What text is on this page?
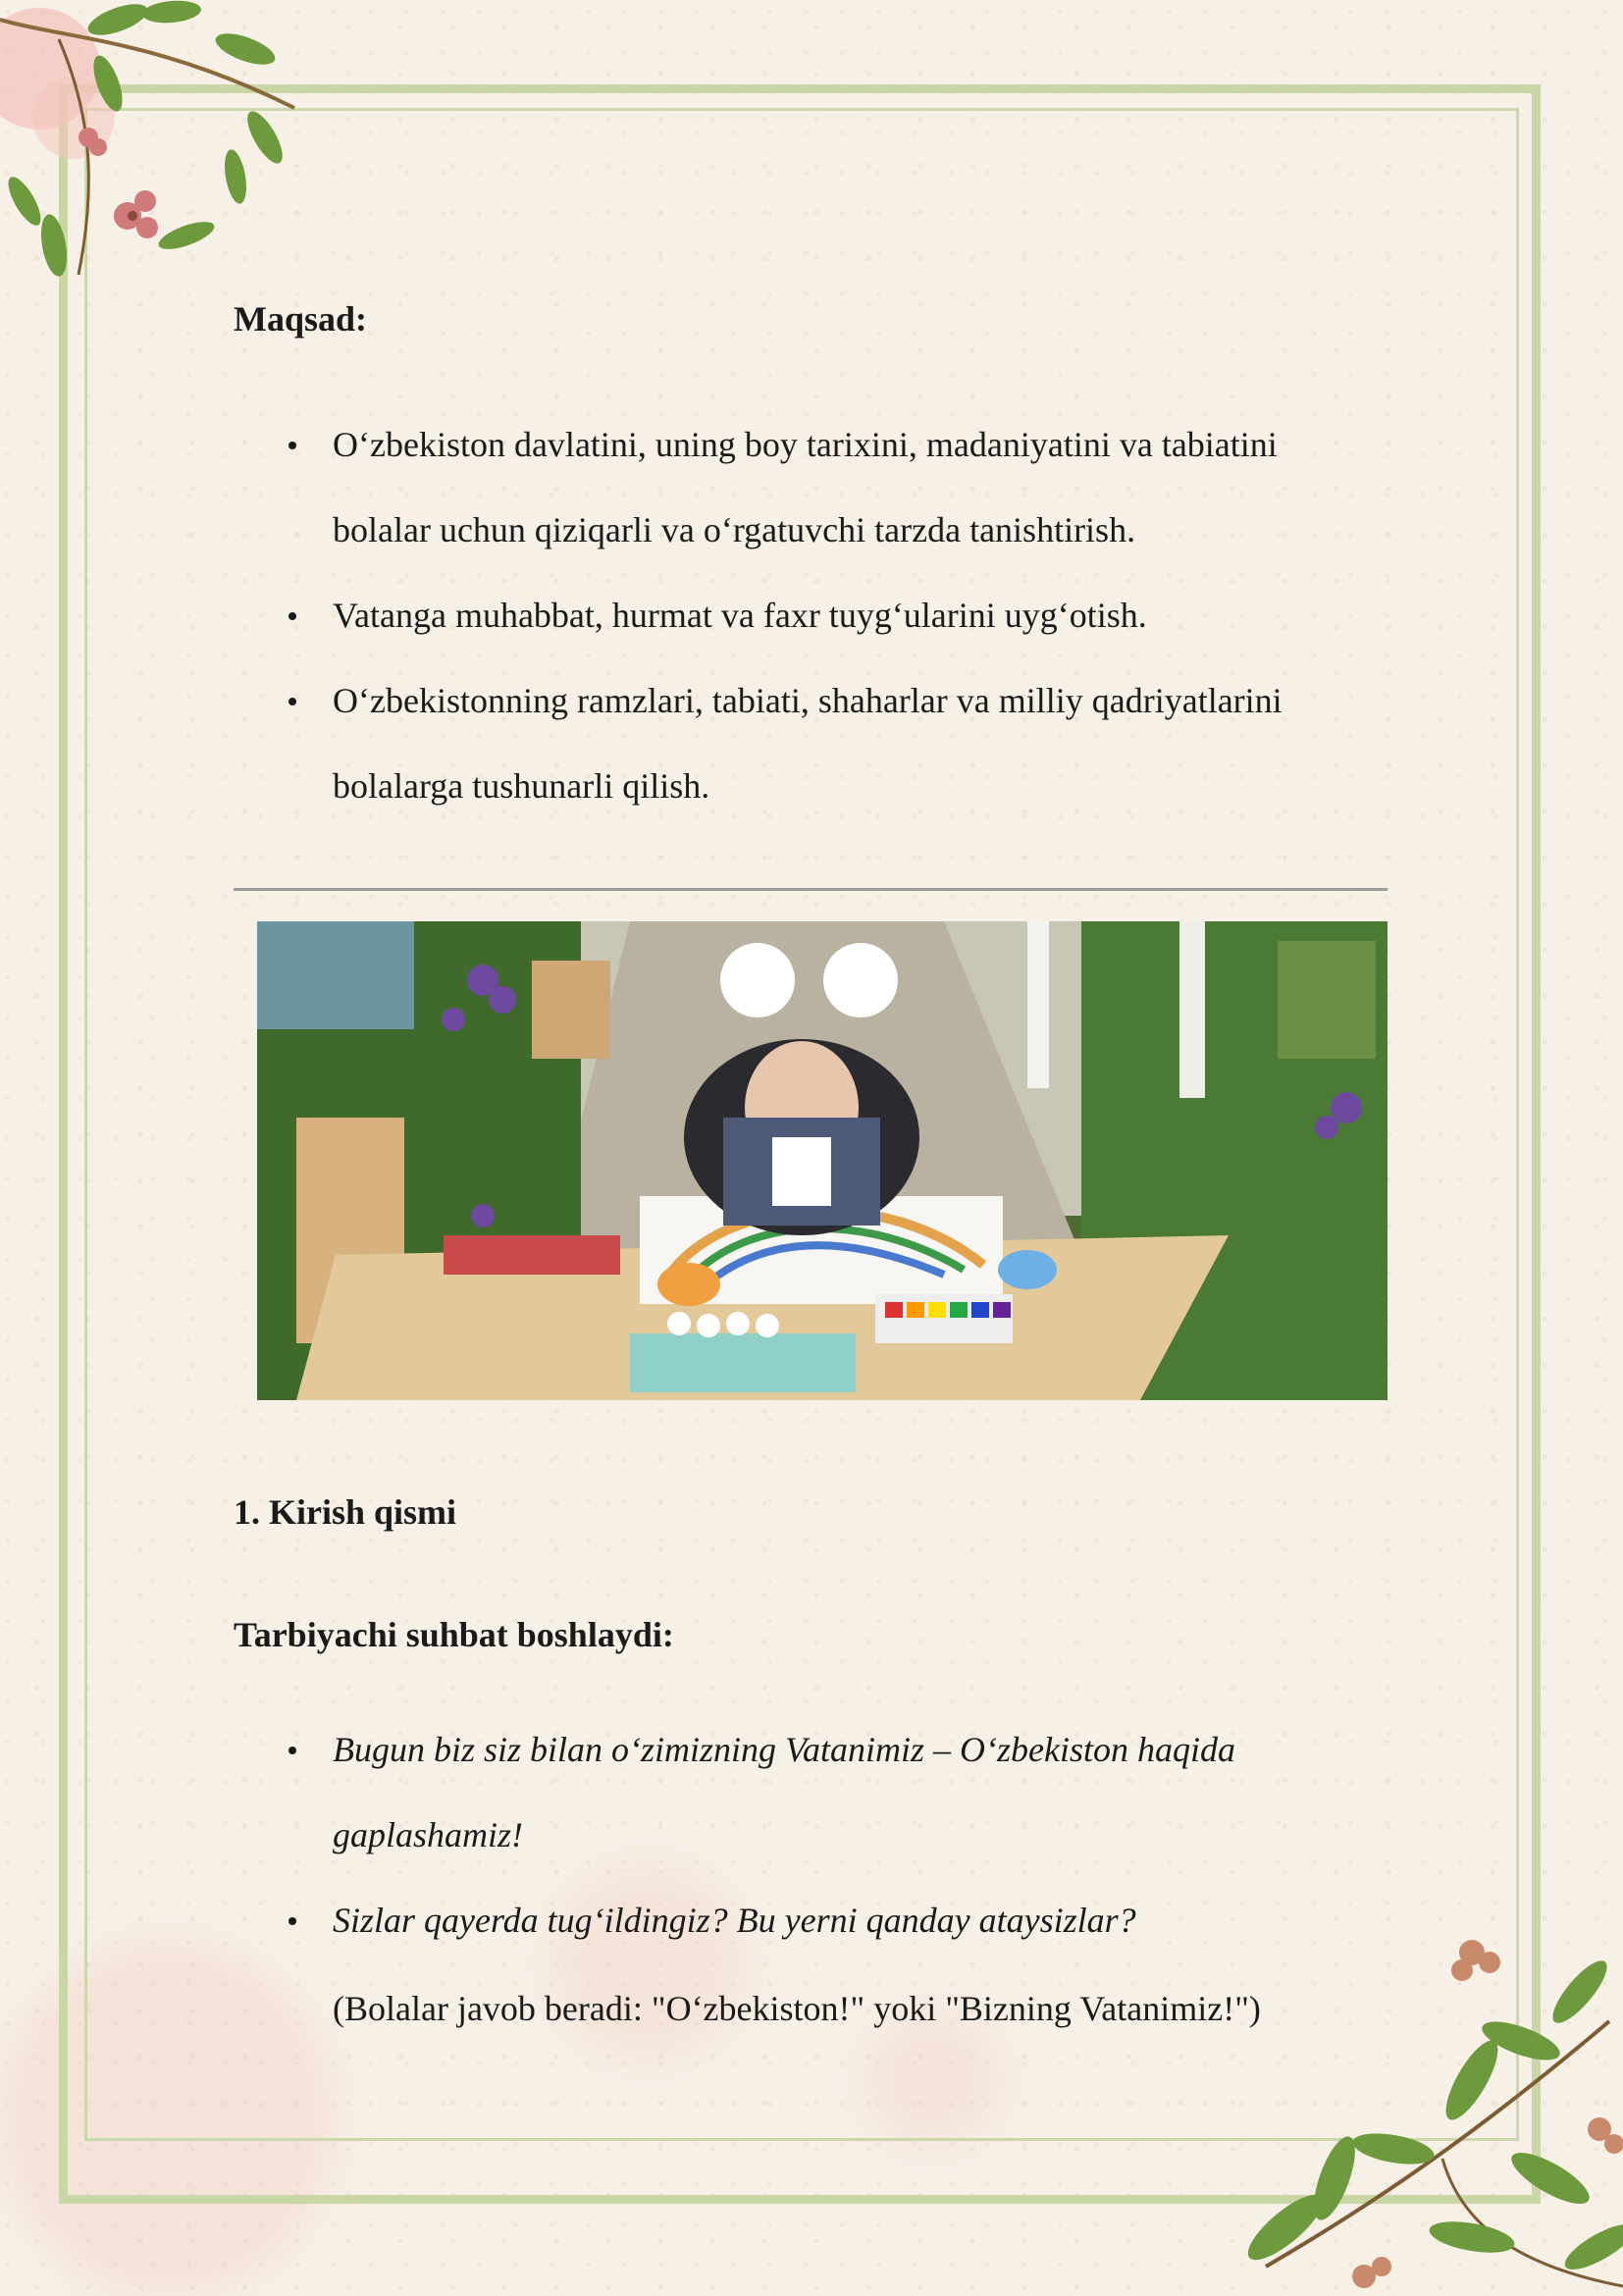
Maqsad:
O‘zbekiston davlatini, uning boy tarixini, madaniyatini va tabiatini
bolalar uchun qiziqarli va o‘rgatuvchi tarzda tanishtirish.
Vatanga muhabbat, hurmat va faxr tuyg‘ularini uyg‘otish.
O‘zbekistonning ramzlari, tabiati, shaharlar va milliy qadriyatlarini
bolalarga tushunarli qilish.
1. Kirish qismi
Tarbiyachi suhbat boshlaydi:
Bugun biz siz bilan o‘zimizning Vatanimiz – O‘zbekiston haqida
gaplashamiz!
Sizlar qayerda tug‘ildingiz? Bu yerni qanday ataysizlar?
(Bolalar javob beradi: "O‘zbekiston!" yoki "Bizning Vatanimiz!")
